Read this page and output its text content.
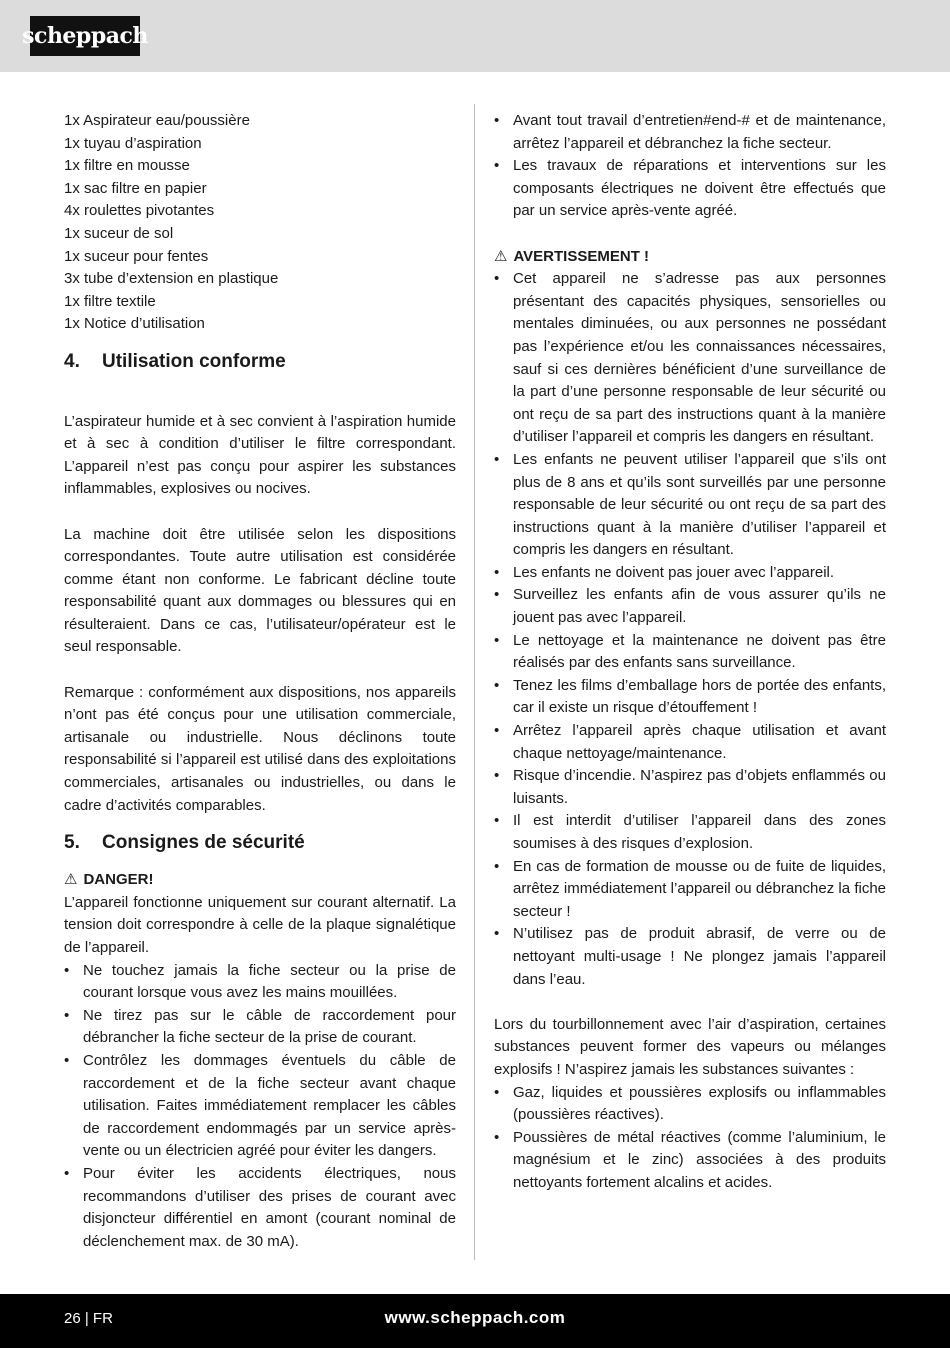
scheppach
1x Aspirateur eau/poussière
1x tuyau d’aspiration
1x filtre en mousse
1x sac filtre en papier
4x roulettes pivotantes
1x suceur de sol
1x suceur pour fentes
3x tube d’extension en plastique
1x filtre textile
1x Notice d’utilisation
4.	Utilisation conforme

L’aspirateur humide et à sec convient à l’aspiration humide et à sec à condition d’utiliser le filtre correspondant. L’appareil n’est pas conçu pour aspirer les substances inflammables, explosives ou nocives.

La machine doit être utilisée selon les dispositions correspondantes. Toute autre utilisation est considérée comme étant non conforme. Le fabricant décline toute responsabilité quant aux dommages ou blessures qui en résulteraient. Dans ce cas, l’utilisateur/opérateur est le seul responsable.

Remarque : conformément aux dispositions, nos appareils n’ont pas été conçus pour une utilisation commerciale, artisanale ou industrielle. Nous déclinons toute responsabilité si l’appareil est utilisé dans des exploitations commerciales, artisanales ou industrielles, ou dans le cadre d’activités comparables.

5.	Consignes de sécurité
⚠ DANGER!

L’appareil fonctionne uniquement sur courant alternatif. La tension doit correspondre à celle de la plaque signalétique de l’appareil.

• Ne touchez jamais la fiche secteur ou la prise de courant lorsque vous avez les mains mouillées.
• Ne tirez pas sur le câble de raccordement pour débrancher la fiche secteur de la prise de courant.
• Contrôlez les dommages éventuels du câble de raccordement et de la fiche secteur avant chaque utilisation. Faites immédiatement remplacer les câbles de raccordement endommagés par un service après-vente ou un électricien agréé pour éviter les dangers.
• Pour éviter les accidents électriques, nous recommandons d’utiliser des prises de courant avec disjoncteur différentiel en amont (courant nominal de déclenchement max. de 30 mA).
• Avant tout travail d’entretien#end-# et de maintenance, arrêtez l’appareil et débranchez la fiche secteur.
• Les travaux de réparations et interventions sur les composants électriques ne doivent être effectués que par un service après-vente agréé.
⚠ AVERTISSEMENT !
• Cet appareil ne s’adresse pas aux personnes présentant des capacités physiques, sensorielles ou mentales diminuées, ou aux personnes ne possédant pas l’expérience et/ou les connaissances nécessaires, sauf si ces dernières bénéficient d’une surveillance de la part d’une personne responsable de leur sécurité ou ont reçu de sa part des instructions quant à la manière d’utiliser l’appareil et compris les dangers en résultant.
• Les enfants ne peuvent utiliser l’appareil que s’ils ont plus de 8 ans et qu’ils sont surveillés par une personne responsable de leur sécurité ou ont reçu de sa part des instructions quant à la manière d’utiliser l’appareil et compris les dangers en résultant.
• Les enfants ne doivent pas jouer avec l’appareil.
• Surveillez les enfants afin de vous assurer qu’ils ne jouent pas avec l’appareil.
• Le nettoyage et la maintenance ne doivent pas être réalisés par des enfants sans surveillance.
• Tenez les films d’emballage hors de portée des enfants, car il existe un risque d’étouffement !
• Arrêtez l’appareil après chaque utilisation et avant chaque nettoyage/maintenance.
• Risque d’incendie. N’aspirez pas d’objets enflammés ou luisants.
• Il est interdit d’utiliser l’appareil dans des zones soumises à des risques d’explosion.
• En cas de formation de mousse ou de fuite de liquides, arrêtez immédiatement l’appareil ou débranchez la fiche secteur !
• N’utilisez pas de produit abrasif, de verre ou de nettoyant multi-usage ! Ne plongez jamais l’appareil dans l’eau.

Lors du tourbillonnement avec l’air d’aspiration, certaines substances peuvent former des vapeurs ou mélanges explosifs ! N’aspirez jamais les substances suivantes :

• Gaz, liquides et poussières explosifs ou inflammables (poussières réactives).
• Poussières de métal réactives (comme l’aluminium, le magnésium et le zinc) associées à des produits nettoyants fortement alcalins et acides.
26 | FR	www.scheppach.com
